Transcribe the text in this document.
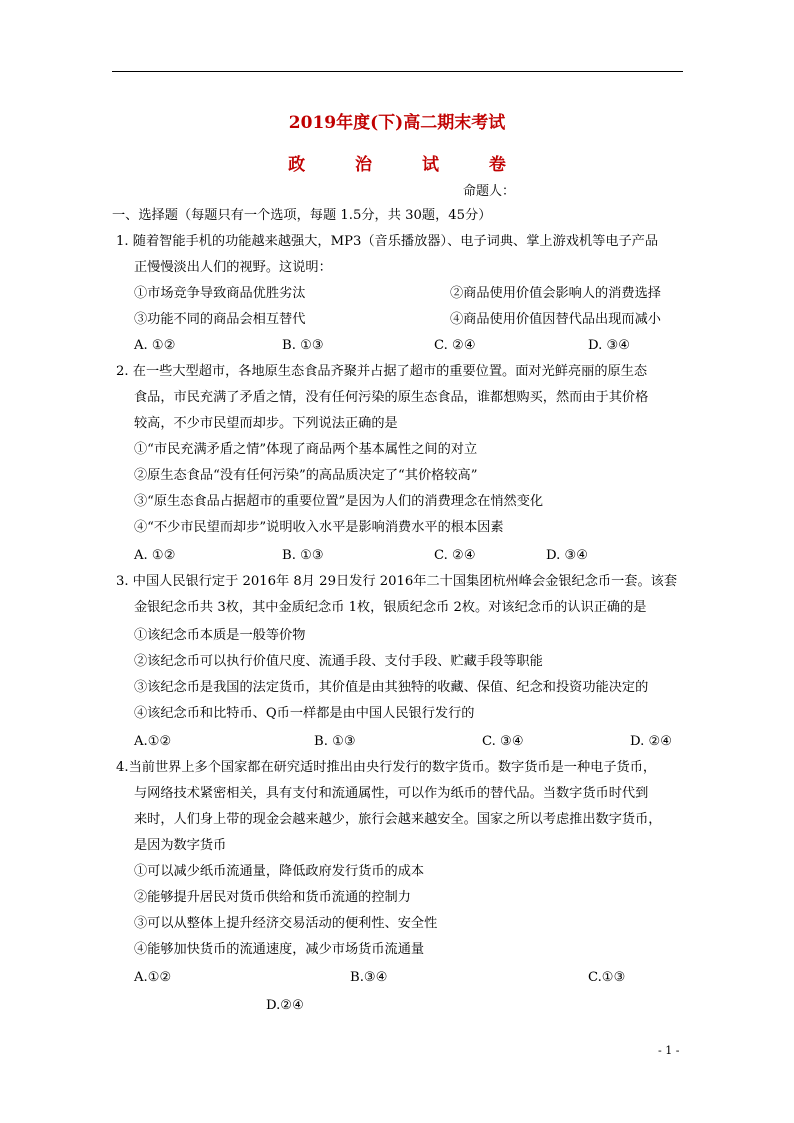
2019年度(下)高二期末考试
政 治 试 卷
命题人：
一、选择题（每题只有一个选项，每题 1.5分，共 30题，45分）
1. 随着智能手机的功能越来越强大，MP3（音乐播放器）、电子词典、掌上游戏机等电子产品
正慢慢淡出人们的视野。这说明：
①市场竞争导致商品优胜劣汰	②商品使用价值会影响人的消费选择
③功能不同的商品会相互替代	④商品使用价值因替代品出现而减小
A. ①②	B. ①③	C. ②④	D. ③④
2. 在一些大型超市，各地原生态食品齐聚并占据了超市的重要位置。面对光鲜亮丽的原生态
食品，市民充满了矛盾之情，没有任何污染的原生态食品，谁都想购买，然而由于其价格
较高，不少市民望而却步。下列说法正确的是
①“市民充满矛盾之情”体现了商品两个基本属性之间的对立
②原生态食品“没有任何污染”的高品质决定了“其价格较高”
③“原生态食品占据超市的重要位置”是因为人们的消费理念在悄然变化
④“不少市民望而却步”说明收入水平是影响消费水平的根本因素
A. ①②	B. ①③	C. ②④	D. ③④
3. 中国人民银行定于 2016年 8月 29日发行 2016年二十国集团杭州峰会金银纪念币一套。该套
金银纪念币共 3枚，其中金质纪念币 1枚，银质纪念币 2枚。对该纪念币的认识正确的是
①该纪念币本质是一般等价物
②该纪念币可以执行价值尺度、流通手段、支付手段、贮藏手段等职能
③该纪念币是我国的法定货币，其价值是由其独特的收藏、保值、纪念和投资功能决定的
④该纪念币和比特币、Q币一样都是由中国人民银行发行的
A.①②	B. ①③	C. ③④	D. ②④
4.当前世界上多个国家都在研究适时推出由央行发行的数字货币。数字货币是一种电子货币，
与网络技术紧密相关，具有支付和流通属性，可以作为纸币的替代品。当数字货币时代到
来时，人们身上带的现金会越来越少，旅行会越来越安全。国家之所以考虑推出数字货币，
是因为数字货币
①可以减少纸币流通量，降低政府发行货币的成本
②能够提升居民对货币供给和货币流通的控制力
③可以从整体上提升经济交易活动的便利性、安全性
④能够加快货币的流通速度，减少市场货币流通量
A.①②	B.③④	C.①③
D.②④
- 1 -
